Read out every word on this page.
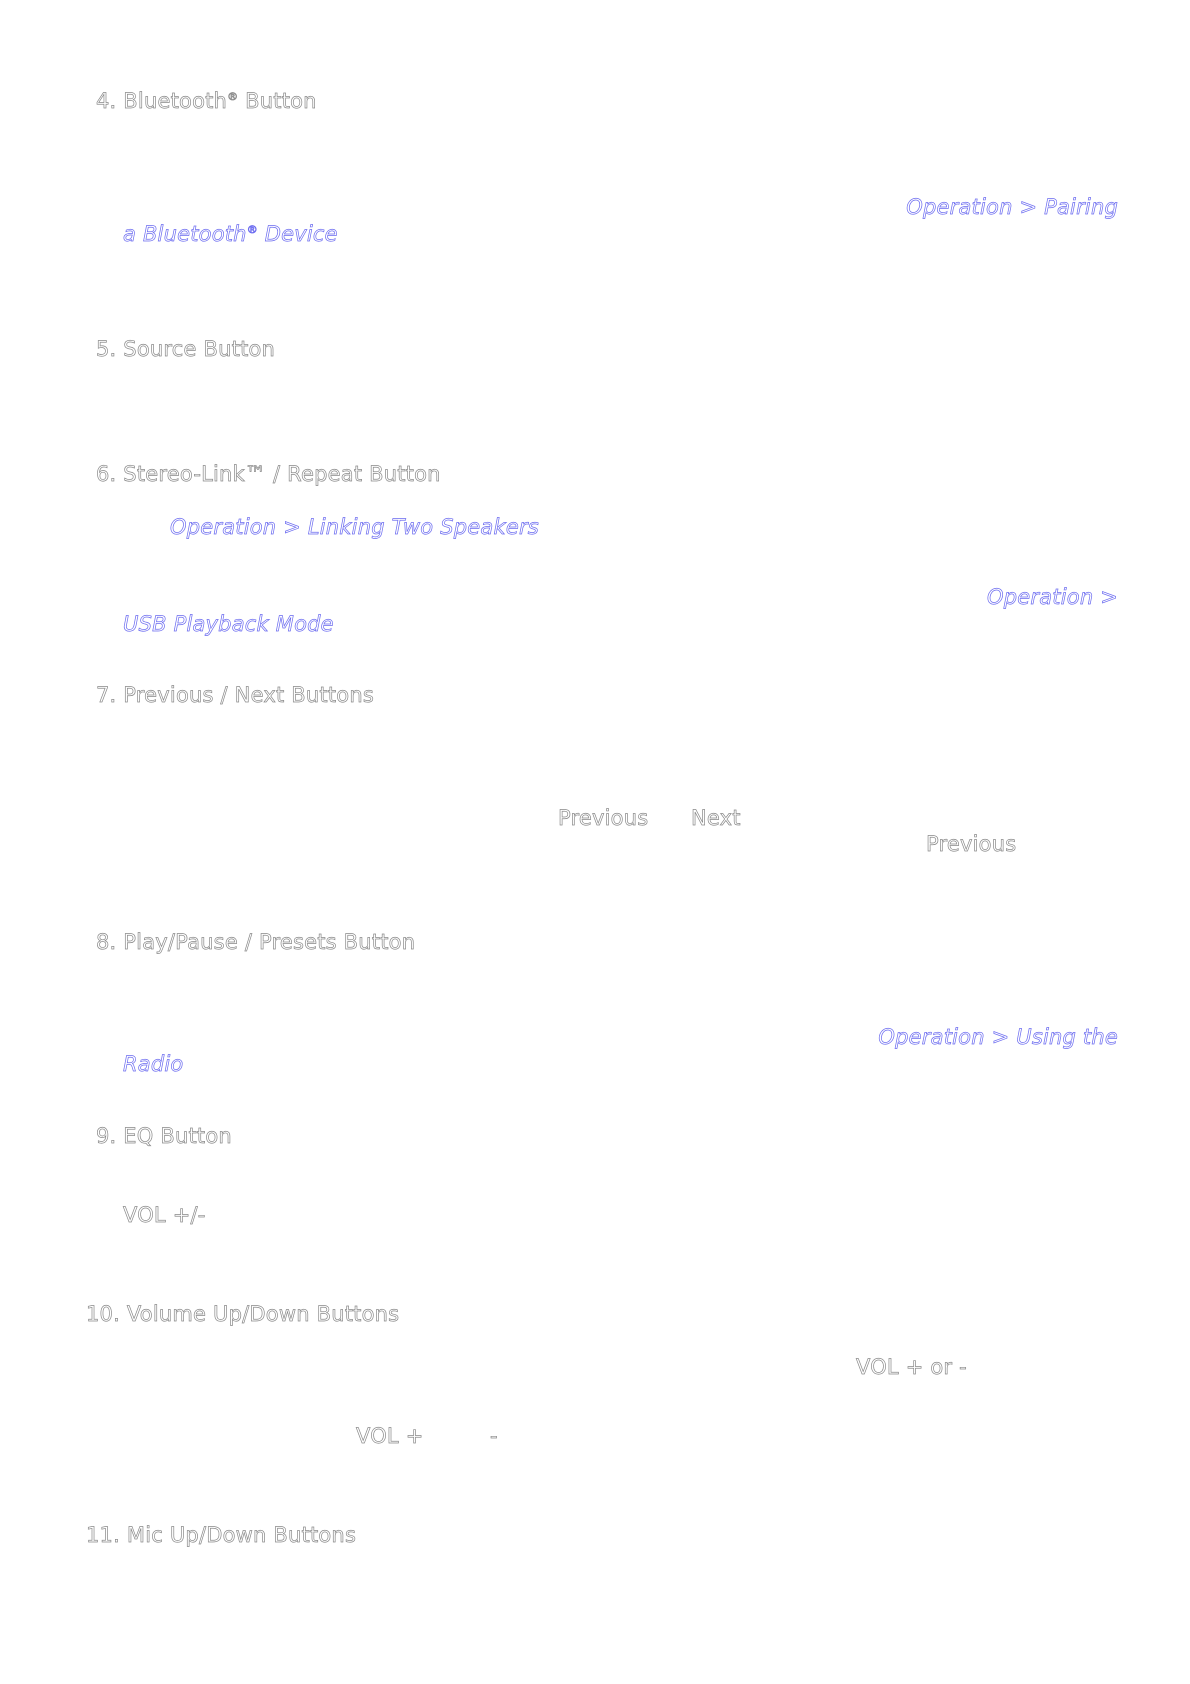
4. Bluetooth® Button
Operation > Pairing
a Bluetooth® Device
5. Source Button
6. Stereo-Link™ / Repeat Button
Operation > Linking Two Speakers
Operation >
USB Playback Mode
7. Previous / Next Buttons
Previous Next
Previous
8. Play/Pause / Presets Button
Operation > Using the
Radio
9. EQ Button
VOL +/-
10. Volume Up/Down Buttons
VOL + or -
VOL +	-
11. Mic Up/Down Buttons
